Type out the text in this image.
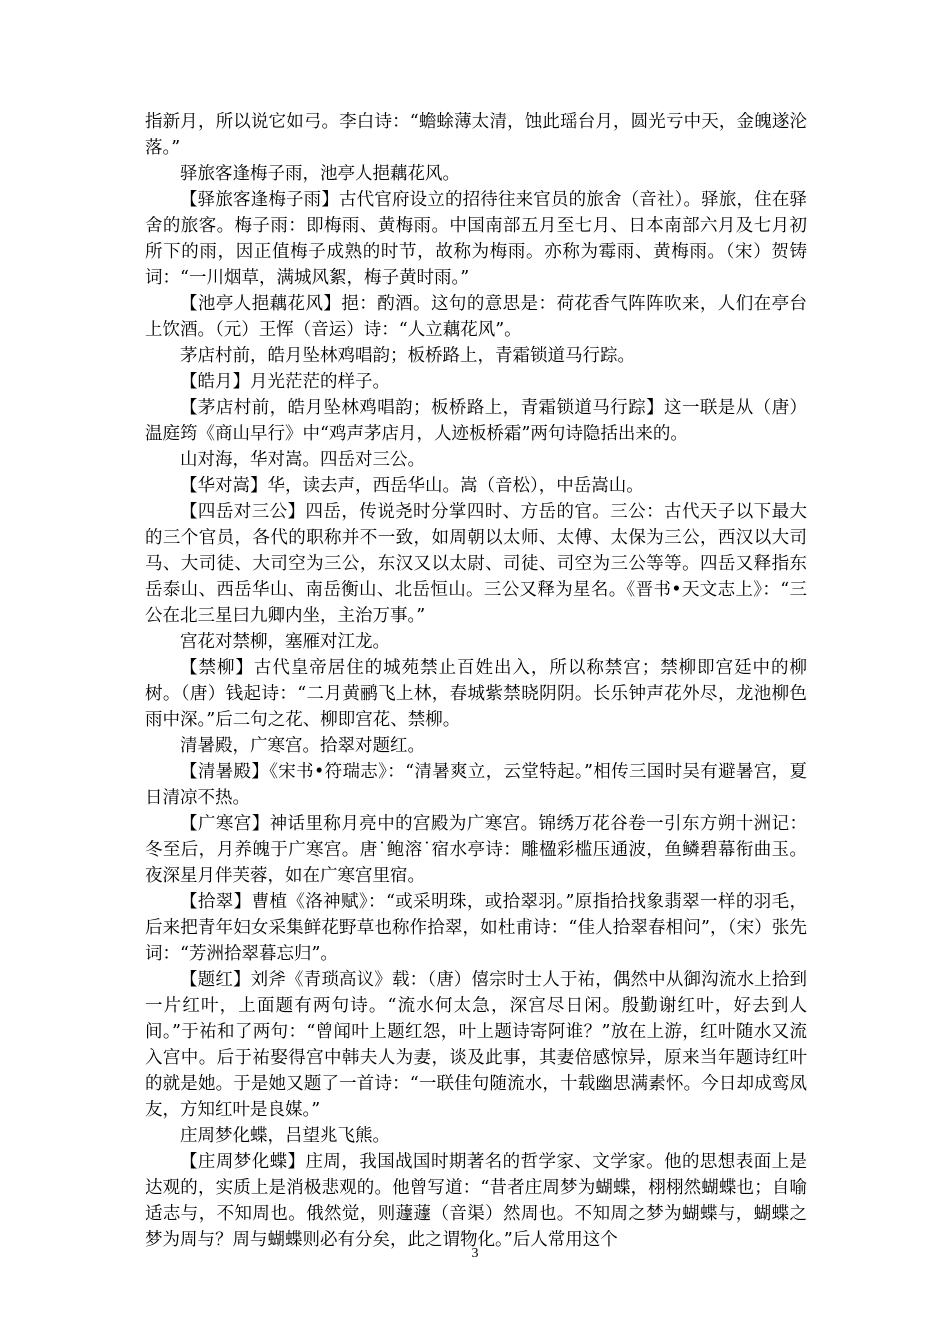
指新月，所以说它如弓。李白诗：“蟾蜍薄太清，蚀此瑶台月，圆光亏中天，金魄遂沦落。”

驿旅客逢梅子雨，池亭人挹藕花风。

【驿旅客逢梅子雨】古代官府设立的招待往来官员的旅舍（音社）。驿旅，住在驿舍的旅客。梅子雨：即梅雨、黄梅雨。中国南部五月至七月、日本南部六月及七月初所下的雨，因正值梅子成熟的时节，故称为梅雨。亦称为霉雨、黄梅雨。（宋）贺铸词：“一川烟草，满城风絮，梅子黄时雨。”

【池亭人挹藕花风】挹：酌酒。这句的意思是：荷花香气阵阵吹来，人们在亭台上饮酒。（元）王恽（音运）诗：“人立藕花风”。

茅店村前，皓月坠林鸡唱韵；板桥路上，青霜锁道马行踪。

【皓月】月光茫茫的样子。

【茅店村前，皓月坠林鸡唱韵；板桥路上，青霜锁道马行踪】这一联是从（唐）温庭筠《商山早行》中“鸡声茅店月，人迹板桥霜”两句诗隐括出来的。

山对海，华对嵩。四岳对三公。

【华对嵩】华，读去声，西岳华山。嵩（音松），中岳嵩山。

【四岳对三公】四岳，传说尧时分掌四时、方岳的官。三公：古代天子以下最大的三个官员，各代的职称并不一致，如周朝以太师、太傅、太保为三公，西汉以大司马、大司徒、大司空为三公，东汉又以太尉、司徒、司空为三公等等。四岳又释指东岳泰山、西岳华山、南岳衡山、北岳恒山。三公又释为星名。《晋书•天文志上》：“三公在北三星曰九卿内坐，主治万事。”

宫花对禁柳，塞雁对江龙。

【禁柳】古代皇帝居住的城苑禁止百姓出入，所以称禁宫；禁柳即宫廷中的柳树。（唐）钱起诗：“二月黄鹂飞上林，春城紫禁晓阴阴。长乐钟声花外尽，龙池柳色雨中深。”后二句之花、柳即宫花、禁柳。

清暑殿，广寒宫。拾翠对题红。

【清暑殿】《宋书•符瑞志》：“清暑爽立，云堂特起。”相传三国时吴有避暑宫，夏日清凉不热。

【广寒宫】神话里称月亮中的宫殿为广寒宫。锦绣万花谷卷一引东方朔十洲记：冬至后，月养魄于广寒宫。唐˙鲍溶˙宿水亭诗：雕楹彩槛压通波，鱼鳞碧幕衔曲玉。夜深星月伴芙蓉，如在广寒宫里宿。

【拾翠】曹植《洛神赋》：“或采明珠，或拾翠羽。”原指拾找象翡翠一样的羽毛，后来把青年妇女采集鲜花野草也称作拾翠，如杜甫诗：“佳人拾翠春相问”，（宋）张先词：“芳洲拾翠暮忘归”。

【题红】刘斧《青琐高议》载：（唐）僖宗时士人于祐，偶然中从御沟流水上拾到一片红叶，上面题有两句诗。“流水何太急，深宫尽日闲。殷勤谢红叶，好去到人间。”于祐和了两句：“曾闻叶上题红怨，叶上题诗寄阿谁？”放在上游，红叶随水又流入宫中。后于祐娶得宫中韩夫人为妻，谈及此事，其妻倍感惊异，原来当年题诗红叶的就是她。于是她又题了一首诗：“一联佳句随流水，十载幽思满素怀。今日却成鸾凤友，方知红叶是良媒。”

庄周梦化蝶，吕望兆飞熊。

【庄周梦化蝶】庄周，我国战国时期著名的哲学家、文学家。他的思想表面上是达观的，实质上是消极悲观的。他曾写道：“昔者庄周梦为蝴蝶，栩栩然蝴蝶也；自喻适志与，不知周也。俄然觉，则蘧蘧（音渠）然周也。不知周之梦为蝴蝶与，蝴蝶之梦为周与？周与蝴蝶则必有分矣，此之谓物化。”后人常用这个

3
